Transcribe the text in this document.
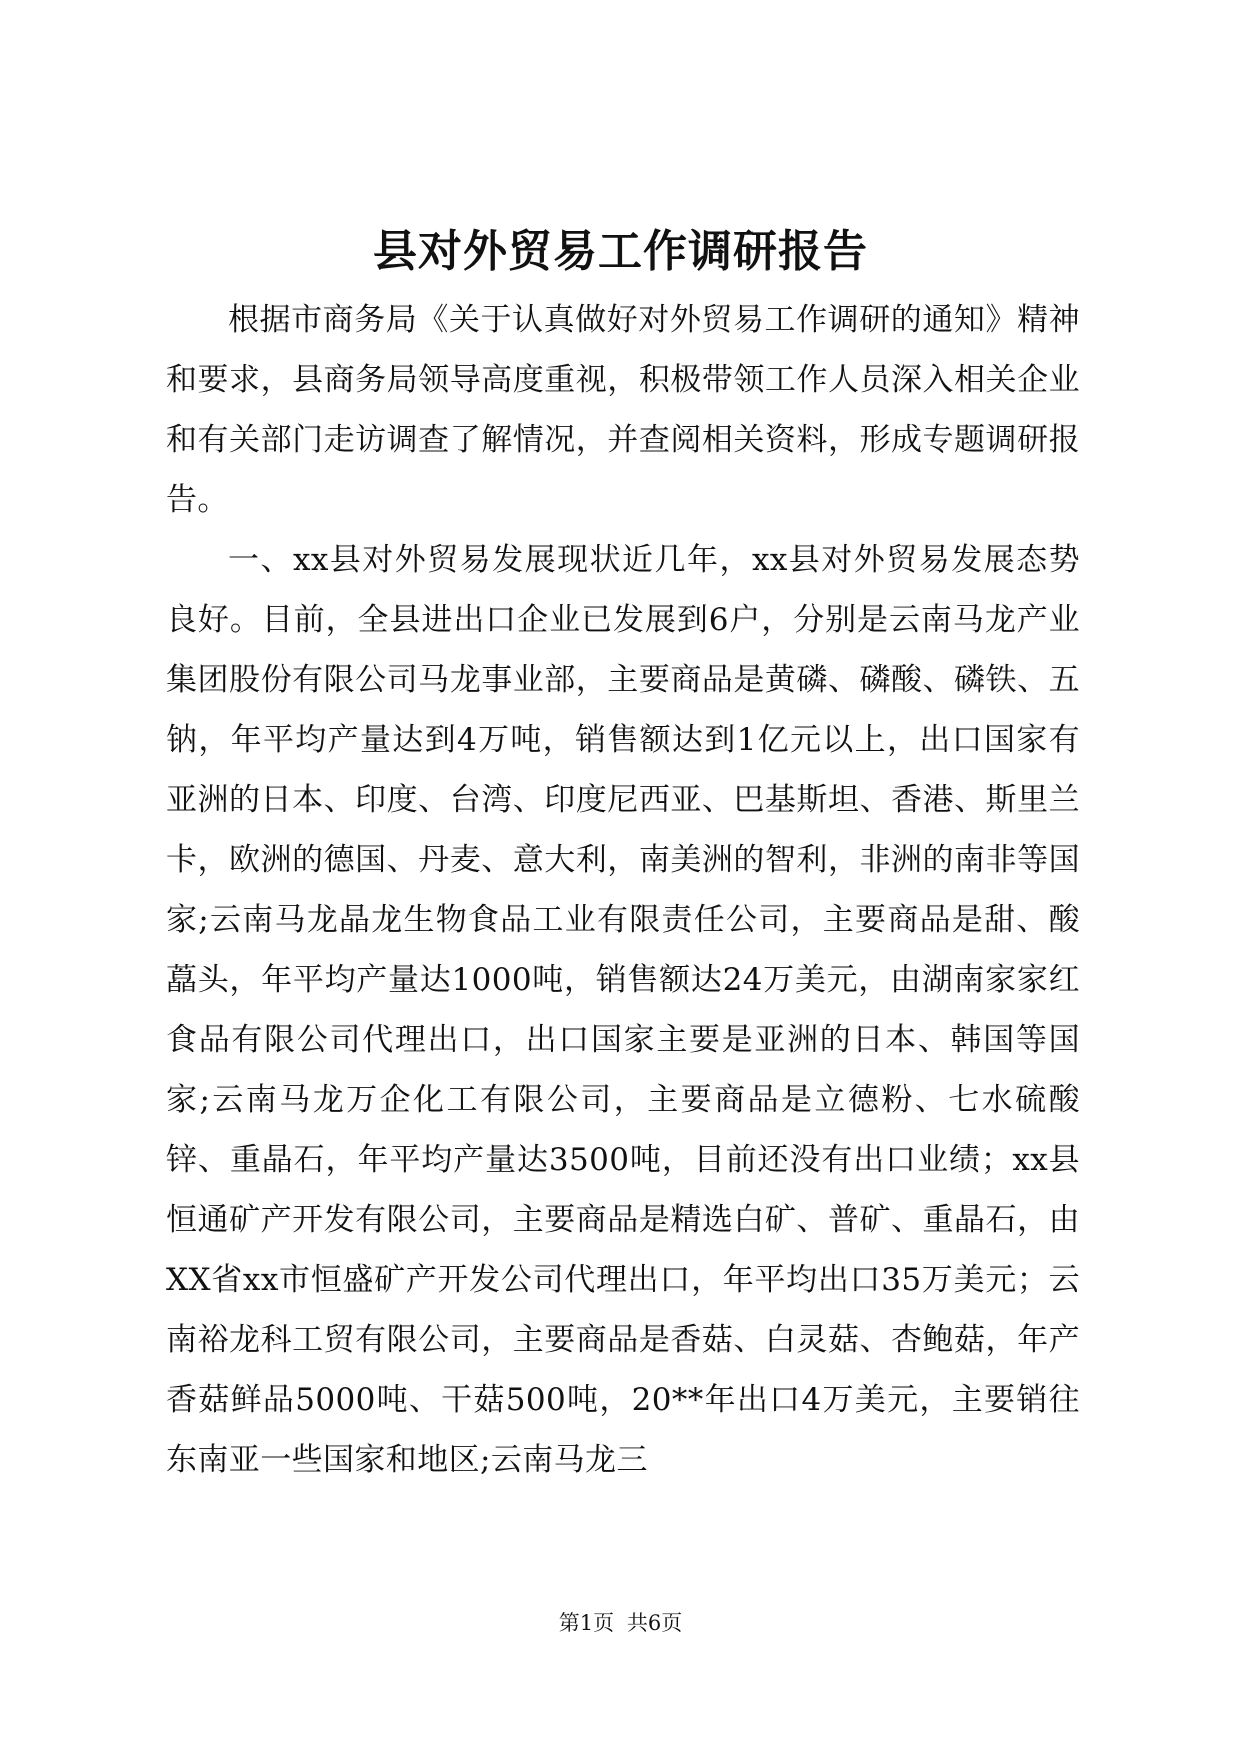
县对外贸易工作调研报告

根据市商务局《关于认真做好对外贸易工作调研的通知》精神和要求，县商务局领导高度重视，积极带领工作人员深入相关企业和有关部门走访调查了解情况，并查阅相关资料，形成专题调研报告。

一、xx县对外贸易发展现状近几年，xx县对外贸易发展态势良好。目前，全县进出口企业已发展到6户，分别是云南马龙产业集团股份有限公司马龙事业部，主要商品是黄磷、磷酸、磷铁、五钠，年平均产量达到4万吨，销售额达到1亿元以上，出口国家有亚洲的日本、印度、台湾、印度尼西亚、巴基斯坦、香港、斯里兰卡，欧洲的德国、丹麦、意大利，南美洲的智利，非洲的南非等国家;云南马龙晶龙生物食品工业有限责任公司，主要商品是甜、酸藠头，年平均产量达1000吨，销售额达24万美元，由湖南家家红食品有限公司代理出口，出口国家主要是亚洲的日本、韩国等国家;云南马龙万企化工有限公司，主要商品是立德粉、七水硫酸锌、重晶石，年平均产量达3500吨，目前还没有出口业绩；xx县恒通矿产开发有限公司，主要商品是精选白矿、普矿、重晶石，由XX省xx市恒盛矿产开发公司代理出口，年平均出口35万美元；云南裕龙科工贸有限公司，主要商品是香菇、白灵菇、杏鲍菇，年产香菇鲜品5000吨、干菇500吨，20**年出口4万美元，主要销往东南亚一些国家和地区;云南马龙三

第1页 共6页
